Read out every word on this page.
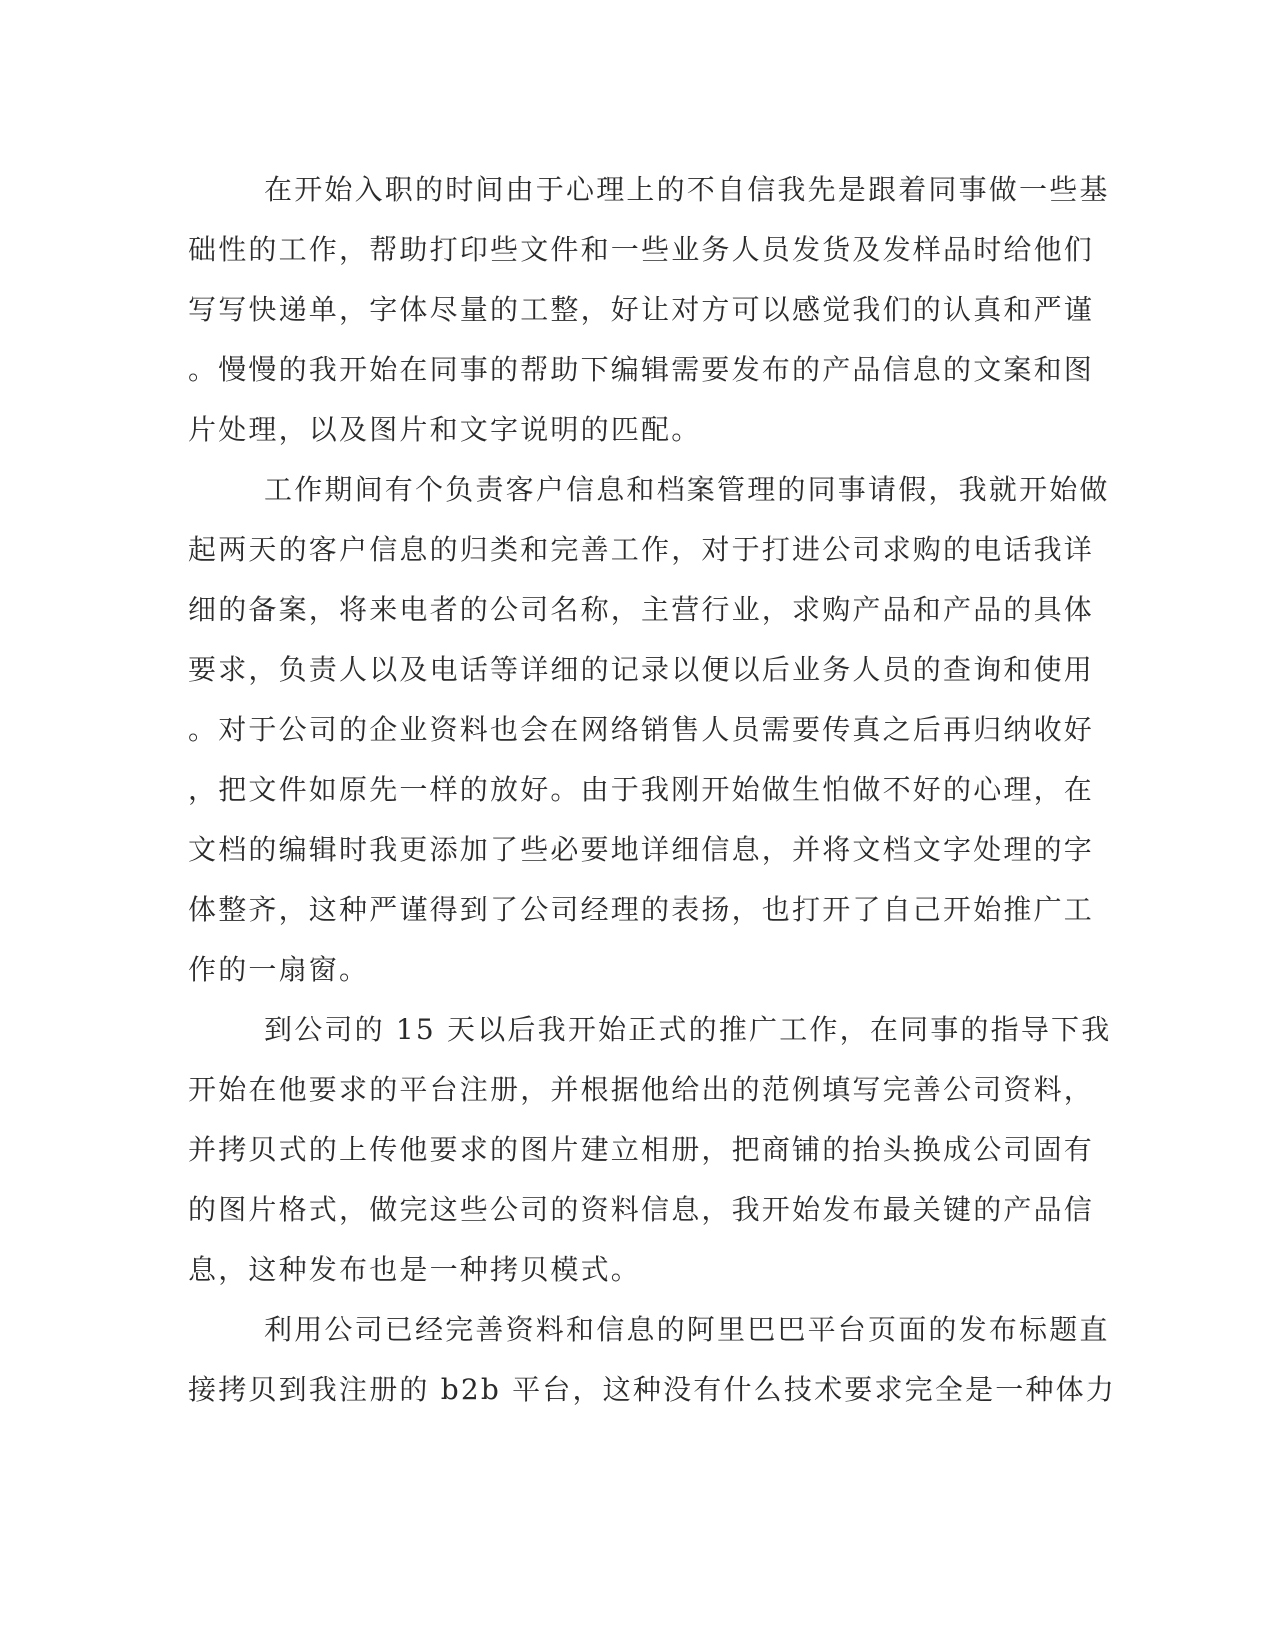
在开始入职的时间由于心理上的不自信我先是跟着同事做一些基
础性的工作，帮助打印些文件和一些业务人员发货及发样品时给他们
写写快递单，字体尽量的工整，好让对方可以感觉我们的认真和严谨
。慢慢的我开始在同事的帮助下编辑需要发布的产品信息的文案和图
片处理，以及图片和文字说明的匹配。
工作期间有个负责客户信息和档案管理的同事请假，我就开始做
起两天的客户信息的归类和完善工作，对于打进公司求购的电话我详
细的备案，将来电者的公司名称，主营行业，求购产品和产品的具体
要求，负责人以及电话等详细的记录以便以后业务人员的查询和使用
。对于公司的企业资料也会在网络销售人员需要传真之后再归纳收好
，把文件如原先一样的放好。由于我刚开始做生怕做不好的心理，在
文档的编辑时我更添加了些必要地详细信息，并将文档文字处理的字
体整齐，这种严谨得到了公司经理的表扬，也打开了自己开始推广工
作的一扇窗。
到公司的 15 天以后我开始正式的推广工作，在同事的指导下我
开始在他要求的平台注册，并根据他给出的范例填写完善公司资料，
并拷贝式的上传他要求的图片建立相册，把商铺的抬头换成公司固有
的图片格式，做完这些公司的资料信息，我开始发布最关键的产品信
息，这种发布也是一种拷贝模式。
利用公司已经完善资料和信息的阿里巴巴平台页面的发布标题直
接拷贝到我注册的 b2b 平台，这种没有什么技术要求完全是一种体力
